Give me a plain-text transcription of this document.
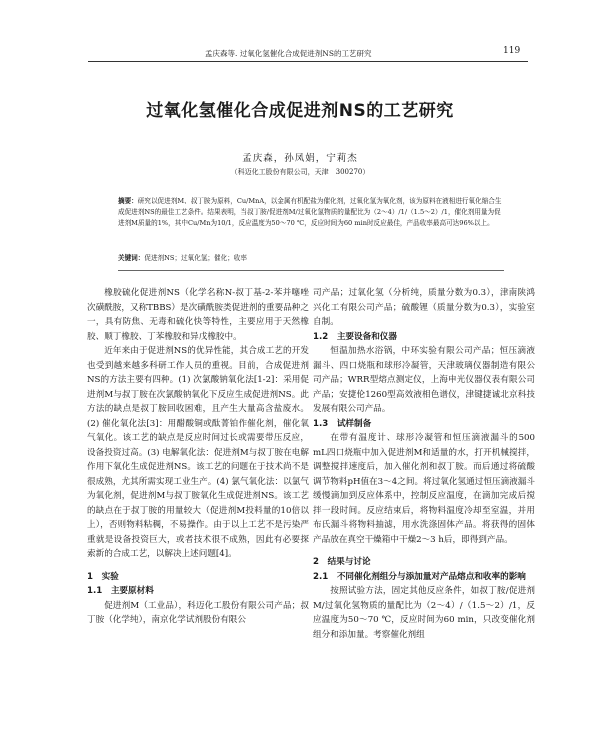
孟庆森等. 过氧化氢催化合成促进剂NS的工艺研究	119
过氧化氢催化合成促进剂NS的工艺研究
孟庆森，孙凤娟，宁莉杰
（科迈化工股份有限公司，天津　300270）
摘要：研究以促进剂M、叔丁胺为原料，Cu/MnA，以金属有机配盐为催化剂，过氧化氢为氧化剂，该为原料在液相进行氧化缩合生成促进剂NS的最佳工艺条件。结果表明，当叔丁胺/促进剂M/过氧化氢物质的量配比为（2～4）/1/（1.5～2）/1，催化剂用量为促进剂M质量的1%，其中Cu/Mn为10/1，反应温度为50～70 ℃，反应时间为60 min时反应最佳，产品收率最高可达96%以上。
关键词：促进剂NS；过氧化氢；催化；收率

橡胶硫化促进剂NS（化学名称N-叔丁基-2-苯并噻唑次磺酰胺，又称TBBS）是次磺酰胺类促进剂的重要品种之一，具有防焦、无毒和硫化快等特性，主要应用于天然橡胶、顺丁橡胶、丁苯橡胶和异戊橡胶中。

近年来由于促进剂NS的优异性能，其合成工艺的开发也受到越来越多科研工作人员的重视。目前，合成促进剂NS的方法主要有四种。(1) 次氯酸钠氧化法[1-2]：采用促进剂M与叔丁胺在次氯酸钠氧化下反应生成促进剂NS。此方法的缺点是叔丁胺回收困难，且产生大量高含盐废水。(2) 催化氧化法[3]：用醋酸铜或酞菁铂作催化剂，催化氧气氧化。该工艺的缺点是反应时间过长或需要带压反应，设备投资过高。(3) 电解氧化法：促进剂M与叔丁胺在电解作用下氧化生成促进剂NS。该工艺的问题在于技术尚不是很成熟，尤其所需实现工业生产。(4) 氯气氧化法：以氯气为氧化剂，促进剂M与叔丁胺氧化生成促进剂NS。该工艺的缺点在于叔丁胺的用量较大（促进剂M投料量的10倍以上），否则物料粘稠，不易操作。由于以上工艺不是污染严重就是设备投资巨大，或者技术很不成熟，因此有必要探索新的合成工艺，以解决上述问题[4]。

1　实验
1.1　主要原材料

促进剂M（工业品），科迈化工股份有限公司产品；叔丁胺（化学纯），南京化学试剂股份有限公

司产品；过氧化氢（分析纯，质量分数为0.3），津南陕鸿兴化工有限公司产品；硫酸锂（质量分数为0.3），实验室自制。

1.2　主要设备和仪器

恒温加热水浴锅，中环实验有限公司产品；恒压滴液漏斗、四口烧瓶和球形冷凝管，天津玻璃仪器制造有限公司产品；WRR型熔点测定仪，上海申光仪器仪表有限公司产品；安捷伦1260型高效液相色谱仪，津键捷诚北京科技发展有限公司产品。

1.3　试样制备

在带有温度计、球形冷凝管和恒压滴液漏斗的500 mL四口烧瓶中加入促进剂M和适量的水，打开机械搅拌，调整搅拌速度后，加入催化剂和叔丁胺。而后通过将硫酸调节物料pH值在3～4之间。将过氧化氢通过恒压滴液漏斗缓慢滴加到反应体系中，控制反应温度，在滴加完成后搅拌一段时间。反应结束后，将物料温度冷却至室温，并用布氏漏斗将物料抽滤，用水洗涤固体产品。将获得的固体产品放在真空干燥箱中干燥2～3 h后，即得到产品。

2　结果与讨论
2.1　不同催化剂组分与添加量对产品熔点和收率的影响

按照试验方法，固定其他反应条件，如叔丁胺/促进剂M/过氧化氢物质的量配比为（2～4）/（1.5～2）/1，反应温度为50～70 ℃，反应时间为60 min，只改变催化剂组分和添加量。考察催化剂组
